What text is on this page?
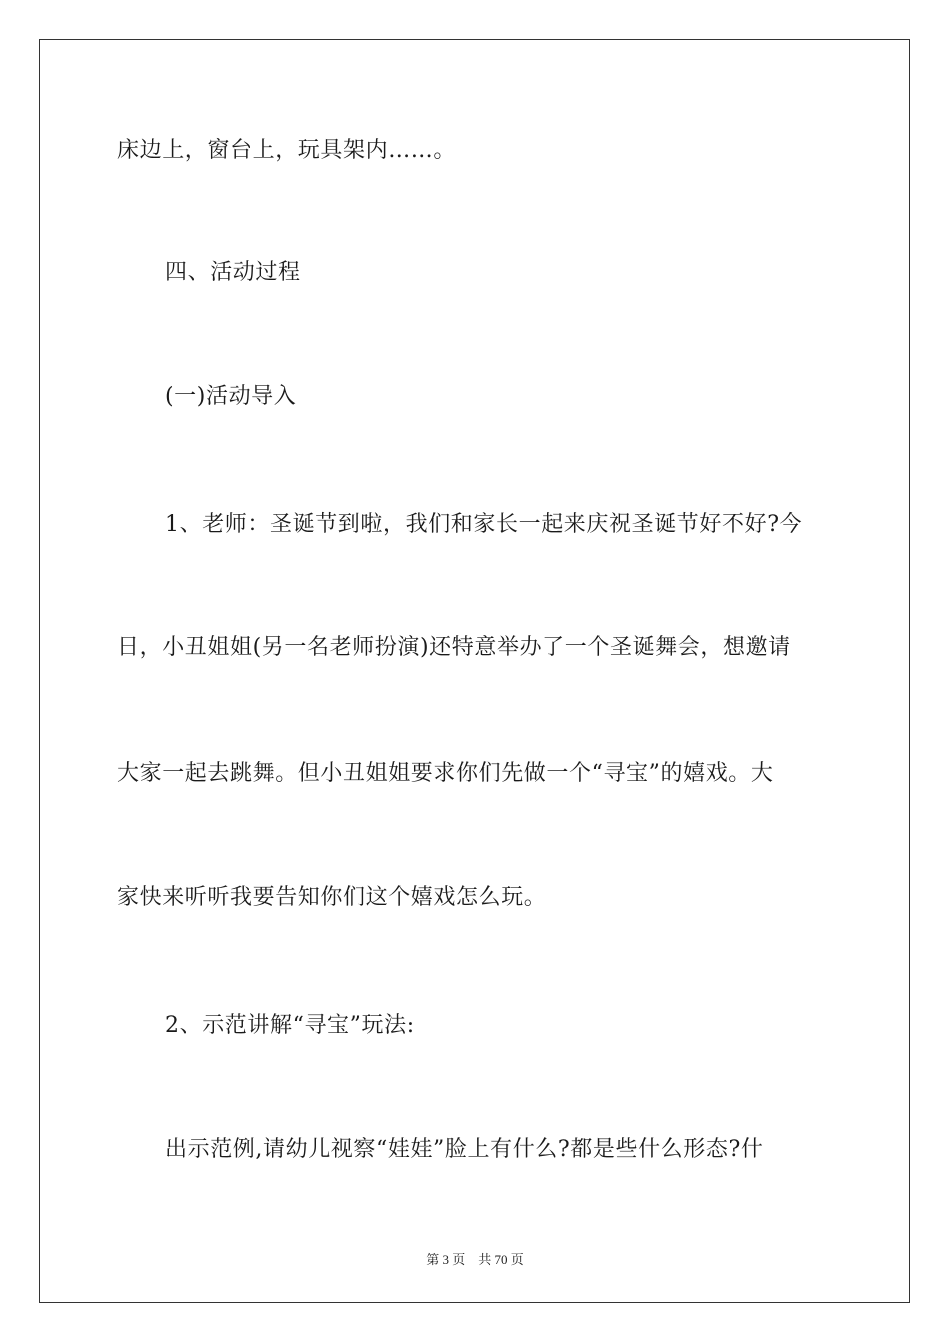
床边上，窗台上，玩具架内……。
四、活动过程
(一)活动导入
1、老师：圣诞节到啦，我们和家长一起来庆祝圣诞节好不好?今
日，小丑姐姐(另一名老师扮演)还特意举办了一个圣诞舞会，想邀请
大家一起去跳舞。但小丑姐姐要求你们先做一个“寻宝”的嬉戏。大
家快来听听我要告知你们这个嬉戏怎么玩。
2、示范讲解“寻宝”玩法:
出示范例,请幼儿视察“娃娃”脸上有什么?都是些什么形态?什
第 3 页　共 70 页
